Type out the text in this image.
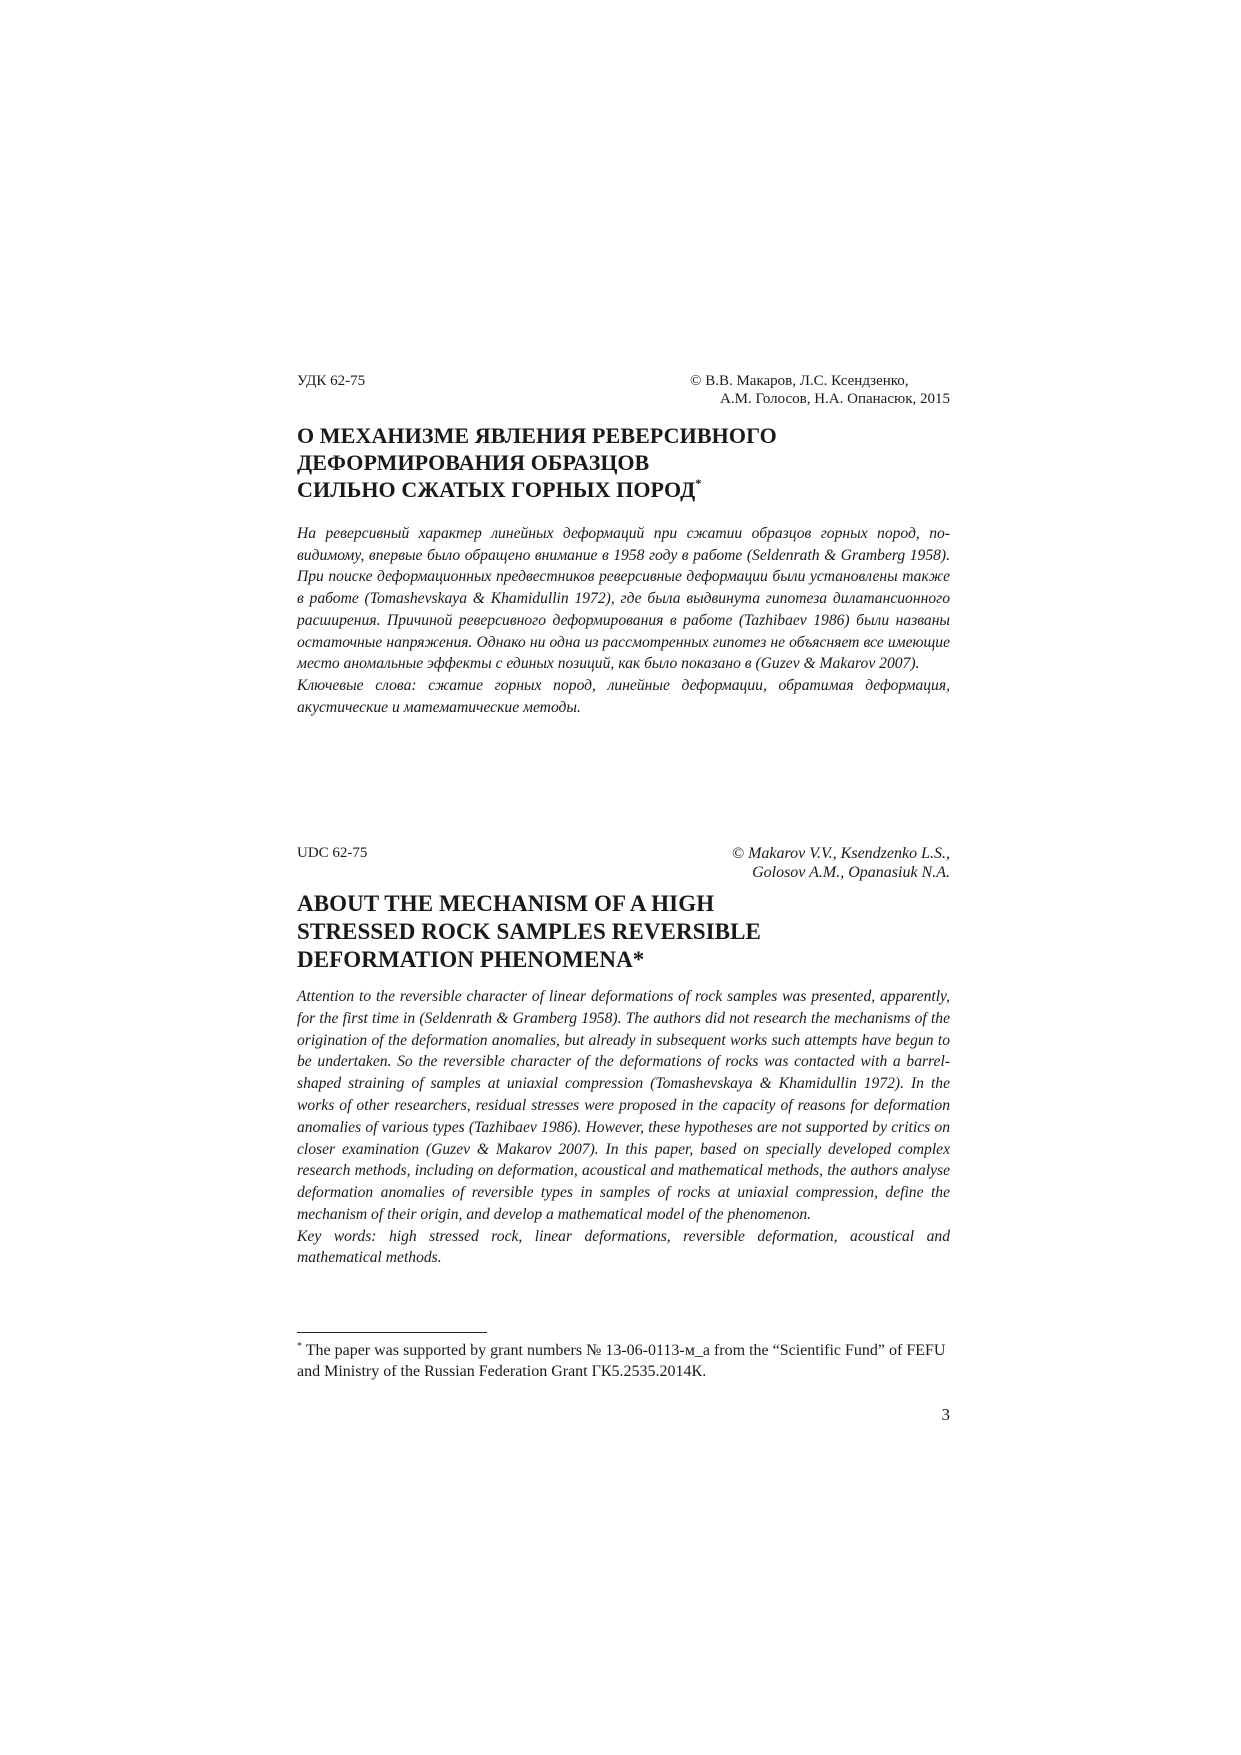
УДК 62-75	© В.В. Макаров, Л.С. Ксендзенко,
А.М. Голосов, Н.А. Опанасюк, 2015
О МЕХАНИЗМЕ ЯВЛЕНИЯ РЕВЕРСИВНОГО
ДЕФОРМИРОВАНИЯ ОБРАЗЦОВ
СИЛЬНО СЖАТЫХ ГОРНЫХ ПОРОД*
На реверсивный характер линейных деформаций при сжатии образцов горных пород, по-видимому, впервые было обращено внимание в 1958 году в работе (Seldenrath & Gramberg 1958). При поиске деформационных предвестников реверсивные деформации были установлены также в работе (Tomashevskaya & Khamidullin 1972), где была выдвинута гипотеза дилатансионного расширения. Причиной реверсивного деформирования в работе (Tazhibaev 1986) были названы остаточные напряжения. Однако ни одна из рассмотренных гипотез не объясняет все имеющие место аномальные эффекты с единых позиций, как было показано в (Guzev & Makarov 2007).
Ключевые слова: сжатие горных пород, линейные деформации, обратимая деформация, акустические и математические методы.
UDC 62-75	© Makarov V.V., Ksendzenko L.S.,
Golosov A.M., Opanasiuk N.A.
ABOUT THE MECHANISM OF A HIGH
STRESSED ROCK SAMPLES REVERSIBLE
DEFORMATION PHENOMENA*
Attention to the reversible character of linear deformations of rock samples was presented, apparently, for the first time in (Seldenrath & Gramberg 1958). The authors did not research the mechanisms of the origination of the deformation anomalies, but already in subsequent works such attempts have begun to be undertaken. So the reversible character of the deformations of rocks was contacted with a barrel-shaped straining of samples at uniaxial compression (Tomashevskaya & Khamidullin 1972). In the works of other researchers, residual stresses were proposed in the capacity of reasons for deformation anomalies of various types (Tazhibaev 1986). However, these hypotheses are not supported by critics on closer examination (Guzev & Makarov 2007). In this paper, based on specially developed complex research methods, including on deformation, acoustical and mathematical methods, the authors analyse deformation anomalies of reversible types in samples of rocks at uniaxial compression, define the mechanism of their origin, and develop a mathematical model of the phenomenon.
Key words: high stressed rock, linear deformations, reversible deformation, acoustical and mathematical methods.
* The paper was supported by grant numbers № 13-06-0113-м_а from the “Scientific Fund” of FEFU and Ministry of the Russian Federation Grant ГК5.2535.2014К.
3
